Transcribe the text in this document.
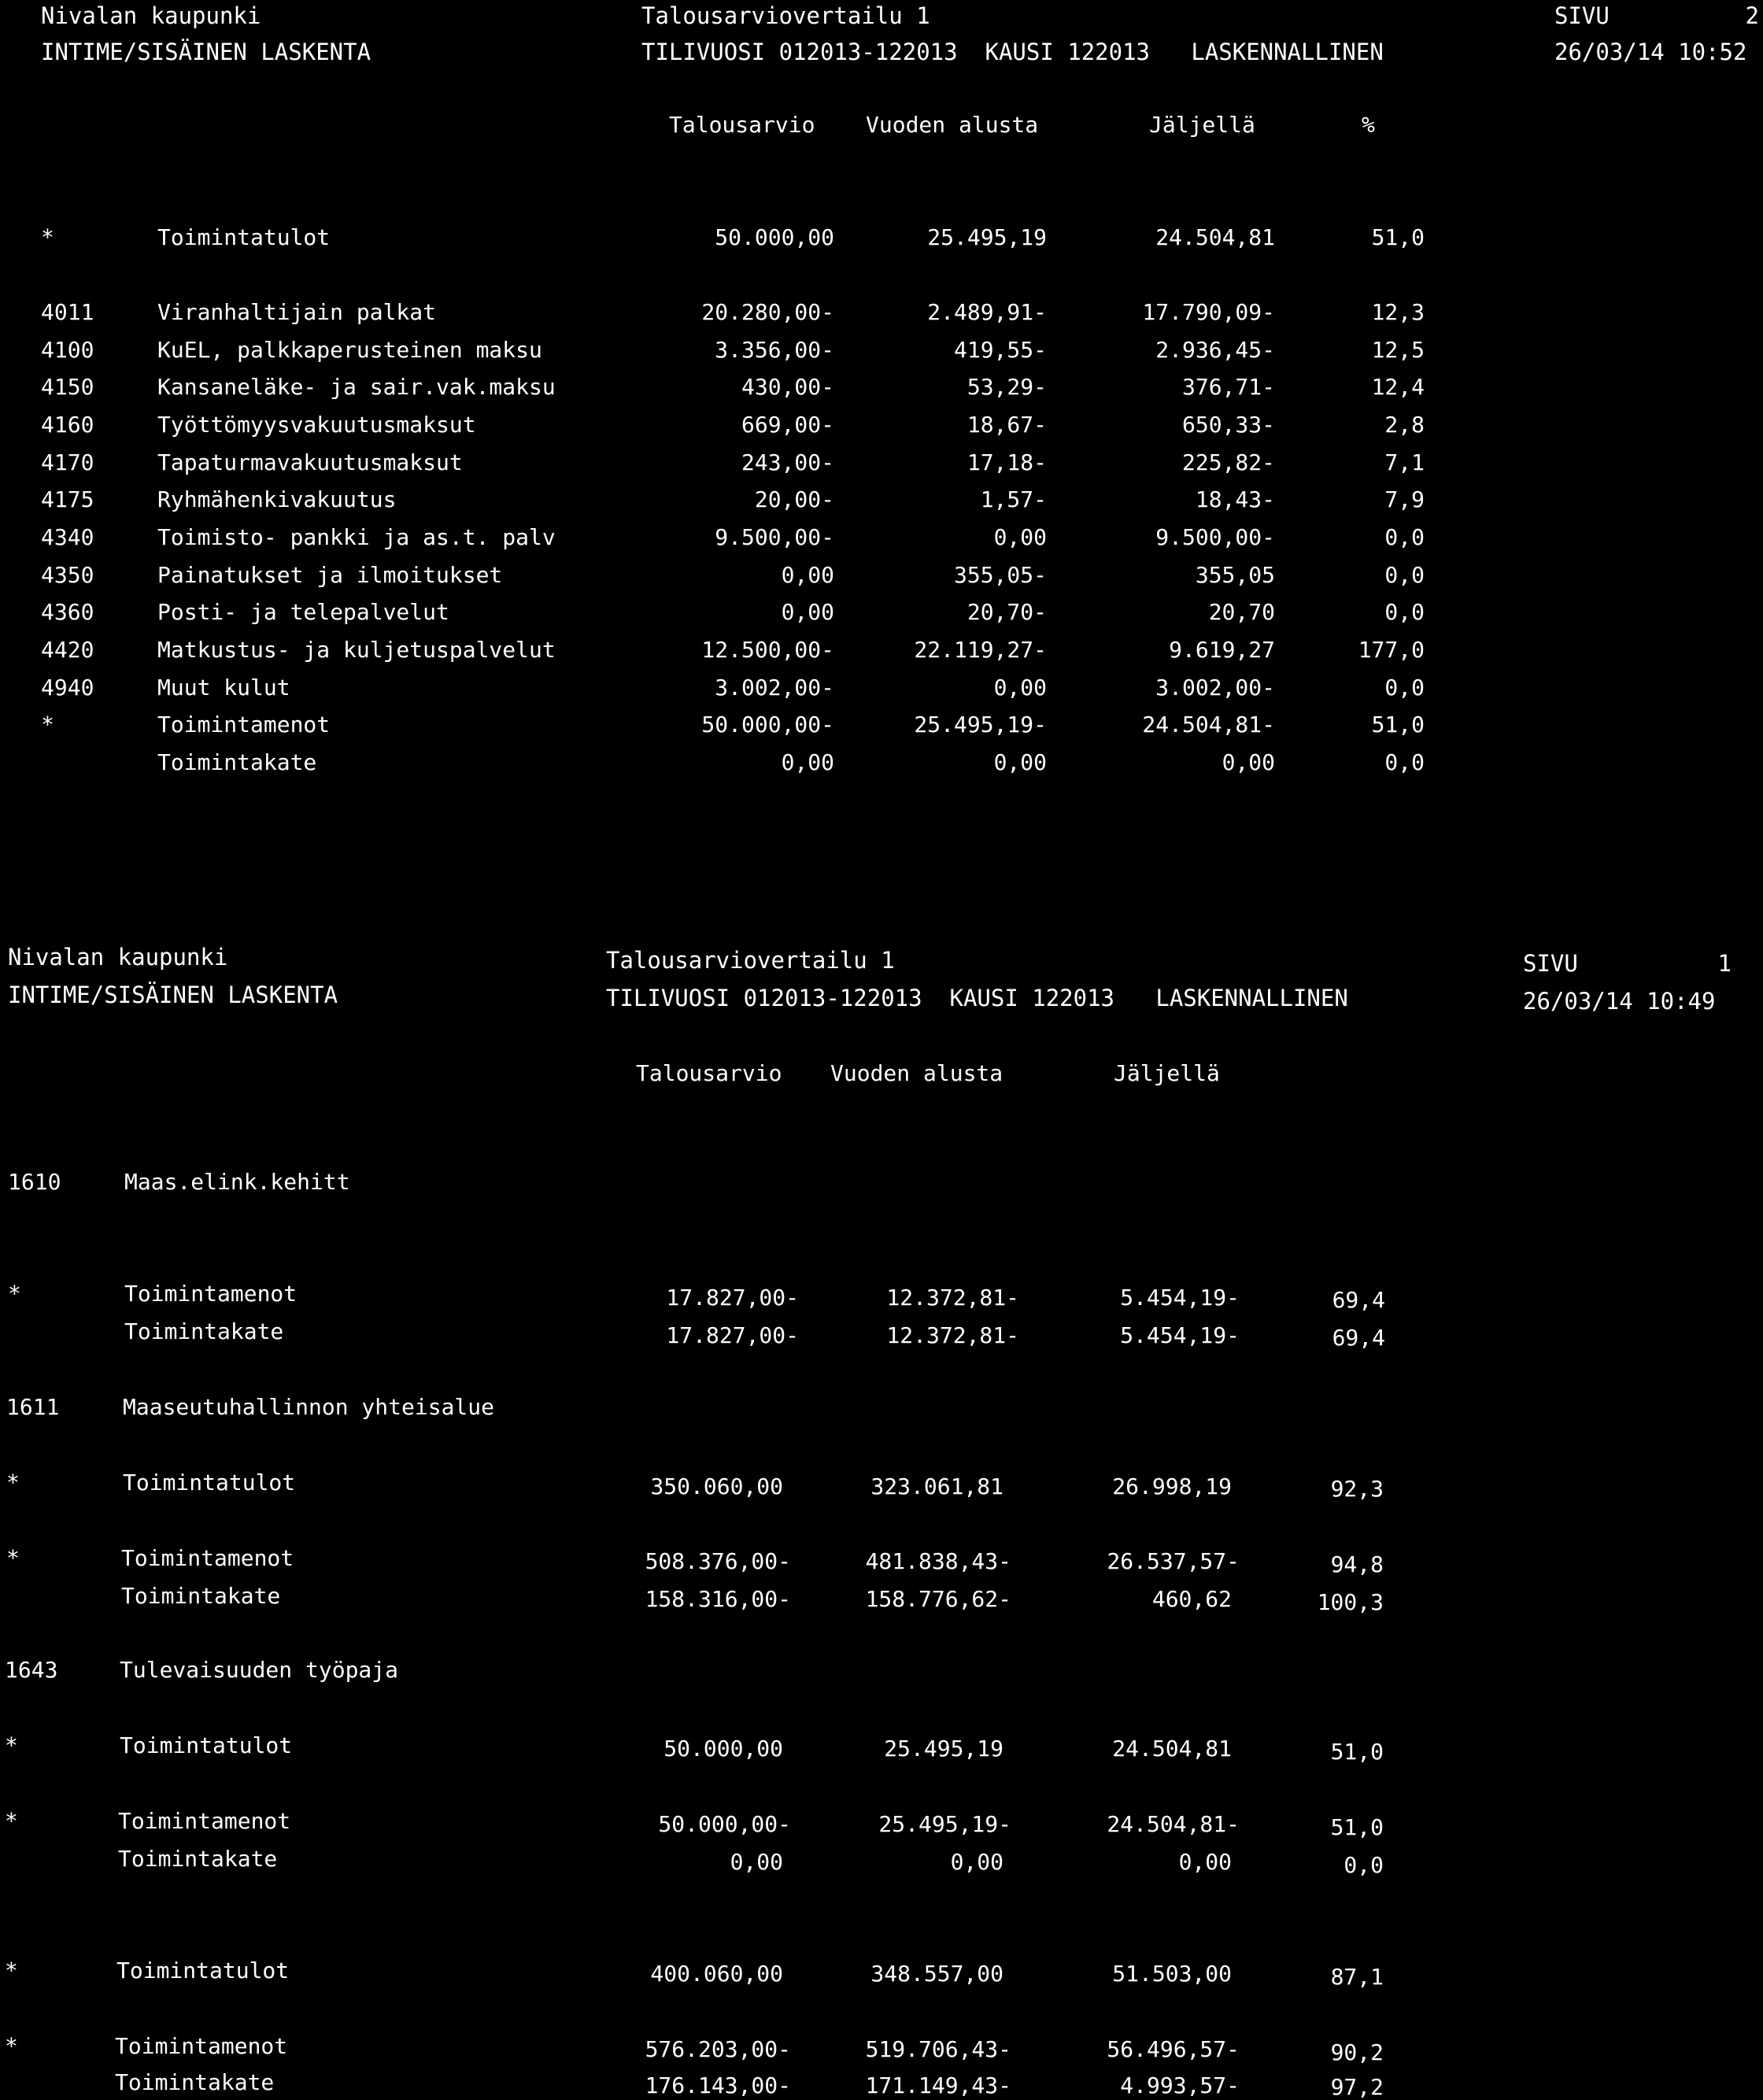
Nivalan kaupunki
INTIME/SISÄINEN LASKENTA
Talousarviovertailu 1
TILIVUOSI 012013-122013  KAUSI 122013   LASKENNALLINEN
SIVU	2
26/03/14 10:52
Talousarvio Vuoden alusta	Jäljellä	%
*	Toimintatulot	50.000,00	25.495,19	24.504,81	51,0
4011	Viranhaltijain palkat	20.280,00-	2.489,91-	17.790,09-	12,3
4100	KuEL, palkkaperusteinen maksu	3.356,00-	419,55-	2.936,45-	12,5
4150	Kansaneläke- ja sair.vak.maksu	430,00-	53,29-	376,71-	12,4
4160	Työttömyysvakuutusmaksut	669,00-	18,67-	650,33-	2,8
4170	Tapaturmavakuutusmaksut	243,00-	17,18-	225,82-	7,1
4175	Ryhmähenkivakuutus	20,00-	1,57-	18,43-	7,9
4340	Toimisto- pankki ja as.t. palv	9.500,00-	0,00	9.500,00-	0,0
4350	Painatukset ja ilmoitukset	0,00	355,05-	355,05	0,0
4360	Posti- ja telepalvelut	0,00	20,70-	20,70	0,0
4420	Matkustus- ja kuljetuspalvelut	12.500,00-	22.119,27-	9.619,27	177,0
4940	Muut kulut	3.002,00-	0,00	3.002,00-	0,0
*	Toimintamenot	50.000,00-	25.495,19-	24.504,81-	51,0
Toimintakate	0,00	0,00	0,00	0,0
Nivalan kaupunki
INTIME/SISÄINEN LASKENTA
Talousarviovertailu 1
TILIVUOSI 012013-122013  KAUSI 122013   LASKENNALLINEN
SIVU	1
26/03/14 10:49
Talousarvio Vuoden alusta	Jäljellä
1610	Maas.elink.kehitt
*	Toimintamenot	17.827,00-	12.372,81-	5.454,19-	69,4
Toimintakate	17.827,00-	12.372,81-	5.454,19-	69,4
1611	Maaseutuhallinnon yhteisalue
*	Toimintatulot	350.060,00	323.061,81	26.998,19	92,3
*	Toimintamenot	508.376,00-	481.838,43-	26.537,57-	94,8
Toimintakate	158.316,00-	158.776,62-	460,62	100,3
1643	Tulevaisuuden työpaja
*	Toimintatulot	50.000,00	25.495,19	24.504,81	51,0
*	Toimintamenot	50.000,00-	25.495,19-	24.504,81-	51,0
Toimintakate	0,00	0,00	0,00	0,0
*	Toimintatulot	400.060,00	348.557,00	51.503,00	87,1
*	Toimintamenot	576.203,00-	519.706,43-	56.496,57-	90,2
Toimintakate	176.143,00-	171.149,43-	4.993,57-	97,2
